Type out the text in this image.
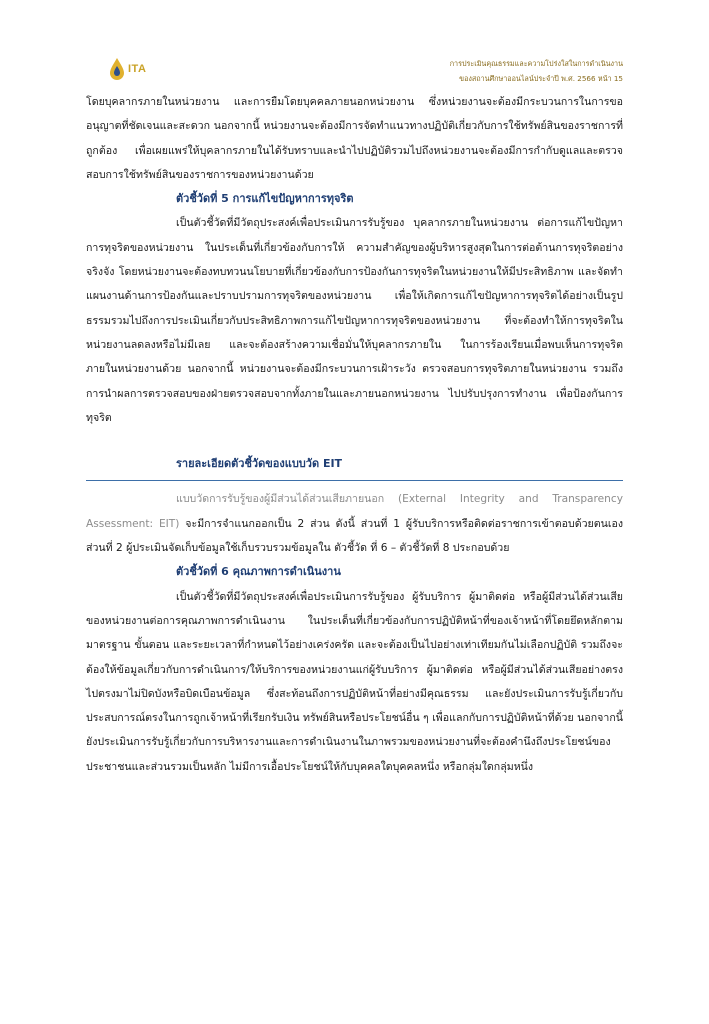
ITA	การประเมินคุณธรรมและความโปร่งใสในการดำเนินงาน
ของสถานศึกษาออนไลน์ประจำปี พ.ศ. 2566 หน้า 15

โดยบุคลากรภายในหน่วยงาน และการยืมโดยบุคคลภายนอกหน่วยงาน ซึ่งหน่วยงานจะต้องมีกระบวนการในการขออนุญาตที่ชัดเจนและสะดวก นอกจากนี้ หน่วยงานจะต้องมีการจัดทำแนวทางปฏิบัติเกี่ยวกับการใช้ทรัพย์สินของราชการที่ถูกต้อง เพื่อเผยแพร่ให้บุคลากรภายในได้รับทราบและนำไปปฏิบัติรวมไปถึงหน่วยงานจะต้องมีการกำกับดูแลและตรวจสอบการใช้ทรัพย์สินของราชการของหน่วยงานด้วย

ตัวชี้วัดที่ 5 การแก้ไขปัญหาการทุจริต

เป็นตัวชี้วัดที่มีวัตถุประสงค์เพื่อประเมินการรับรู้ของ บุคลากรภายในหน่วยงาน ต่อการแก้ไขปัญหาการทุจริตของหน่วยงาน ในประเด็นที่เกี่ยวข้องกับการให้ ความสำคัญของผู้บริหารสูงสุดในการต่อต้านการทุจริตอย่างจริงจัง โดยหน่วยงานจะต้องทบทวนนโยบายที่เกี่ยวข้องกับการป้องกันการทุจริตในหน่วยงานให้มีประสิทธิภาพ และจัดทำแผนงานด้านการป้องกันและปราบปรามการทุจริตของหน่วยงาน เพื่อให้เกิดการแก้ไขปัญหาการทุจริตได้อย่างเป็นรูปธรรมรวมไปถึงการประเมินเกี่ยวกับประสิทธิภาพการแก้ไขปัญหาการทุจริตของหน่วยงาน ที่จะต้องทำให้การทุจริตในหน่วยงานลดลงหรือไม่มีเลย และจะต้องสร้างความเชื่อมั่นให้บุคลากรภายใน ในการร้องเรียนเมื่อพบเห็นการทุจริตภายในหน่วยงานด้วย นอกจากนี้ หน่วยงานจะต้องมีกระบวนการเฝ้าระวัง ตรวจสอบการทุจริตภายในหน่วยงาน รวมถึงการนำผลการตรวจสอบของฝ่ายตรวจสอบจากทั้งภายในและภายนอกหน่วยงาน ไปปรับปรุงการทำงาน เพื่อป้องกันการทุจริต

รายละเอียดตัวชี้วัดของแบบวัด EIT

แบบวัดการรับรู้ของผู้มีส่วนได้ส่วนเสียภายนอก (External Integrity and Transparency Assessment: EIT) จะมีการจำแนกออกเป็น 2 ส่วน ดังนี้ ส่วนที่ 1 ผู้รับบริการหรือติดต่อราชการเข้าตอบด้วยตนเอง ส่วนที่ 2 ผู้ประเมินจัดเก็บข้อมูลใช้เก็บรวบรวมข้อมูลใน ตัวชี้วัด ที่ 6 – ตัวชี้วัดที่ 8 ประกอบด้วย

ตัวชี้วัดที่ 6 คุณภาพการดำเนินงาน

เป็นตัวชี้วัดที่มีวัตถุประสงค์เพื่อประเมินการรับรู้ของ ผู้รับบริการ ผู้มาติดต่อ หรือผู้มีส่วนได้ส่วนเสียของหน่วยงานต่อการคุณภาพการดำเนินงาน ในประเด็นที่เกี่ยวข้องกับการปฏิบัติหน้าที่ของเจ้าหน้าที่โดยยึดหลักตามมาตรฐาน ขั้นตอน และระยะเวลาที่กำหนดไว้อย่างเคร่งครัด และจะต้องเป็นไปอย่างเท่าเทียมกันไม่เลือกปฏิบัติ รวมถึงจะต้องให้ข้อมูลเกี่ยวกับการดำเนินการ/ให้บริการของหน่วยงานแก่ผู้รับบริการ ผู้มาติดต่อ หรือผู้มีส่วนได้ส่วนเสียอย่างตรงไปตรงมาไม่ปิดบังหรือบิดเบือนข้อมูล ซึ่งสะท้อนถึงการปฏิบัติหน้าที่อย่างมีคุณธรรม และยังประเมินการรับรู้เกี่ยวกับประสบการณ์ตรงในการถูกเจ้าหน้าที่เรียกรับเงิน ทรัพย์สินหรือประโยชน์อื่น ๆ เพื่อแลกกับการปฏิบัติหน้าที่ด้วย นอกจากนี้ ยังประเมินการรับรู้เกี่ยวกับการบริหารงานและการดำเนินงานในภาพรวมของหน่วยงานที่จะต้องคำนึงถึงประโยชน์ของประชาชนและส่วนรวมเป็นหลัก ไม่มีการเอื้อประโยชน์ให้กับบุคคลใดบุคคลหนึ่ง หรือกลุ่มใดกลุ่มหนึ่ง
